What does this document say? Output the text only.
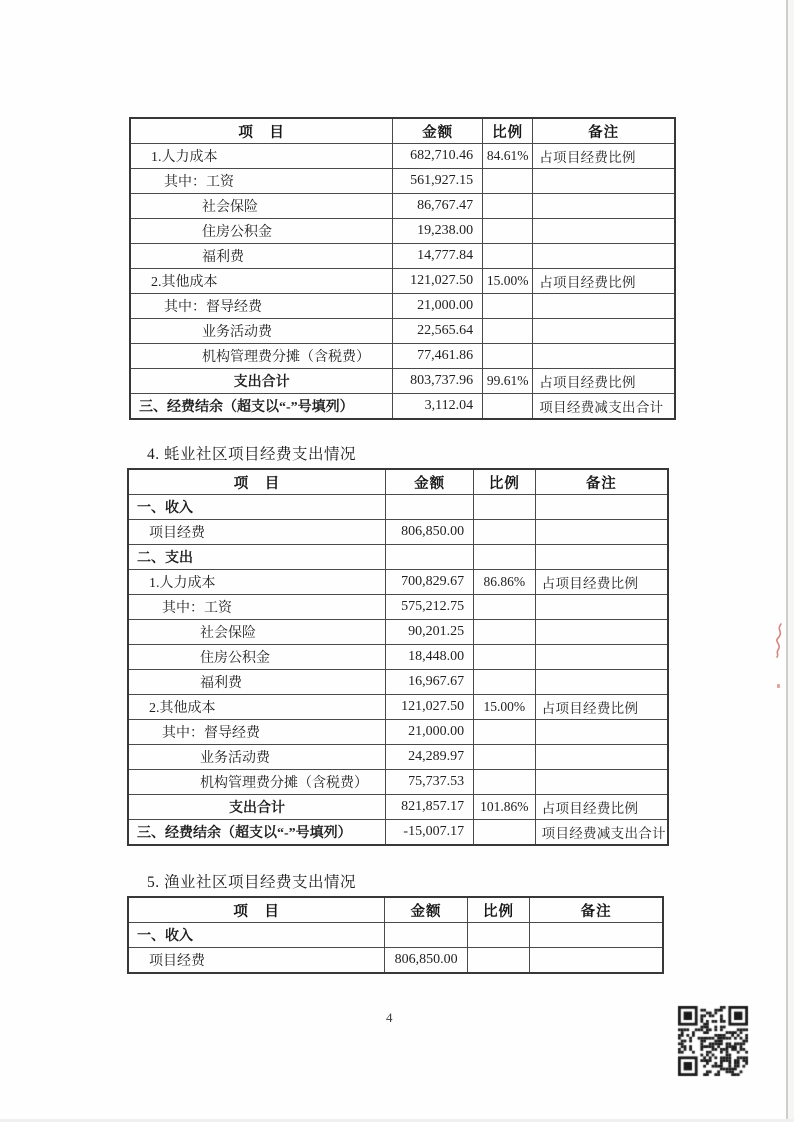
项　目	金额	比例	备注
1.人力成本	682,710.46	84.61%	占项目经费比例
其中：工资	561,927.15		
社会保险	86,767.47		
住房公积金	19,238.00		
福利费	14,777.84		
2.其他成本	121,027.50	15.00%	占项目经费比例
其中：督导经费	21,000.00		
业务活动费	22,565.64		
机构管理费分摊（含税费）	77,461.86		
支出合计	803,737.96	99.61%	占项目经费比例
三、经费结余（超支以“-”号填列）	3,112.04		项目经费减支出合计
4. 蚝业社区项目经费支出情况
项　目	金额	比例	备注
一、收入			
项目经费	806,850.00		
二、支出			
1.人力成本	700,829.67	86.86%	占项目经费比例
其中：工资	575,212.75		
社会保险	90,201.25		
住房公积金	18,448.00		
福利费	16,967.67		
2.其他成本	121,027.50	15.00%	占项目经费比例
其中：督导经费	21,000.00		
业务活动费	24,289.97		
机构管理费分摊（含税费）	75,737.53		
支出合计	821,857.17	101.86%	占项目经费比例
三、经费结余（超支以“-”号填列）	-15,007.17		项目经费减支出合计
5. 渔业社区项目经费支出情况
项　目	金额	比例	备注
一、收入			
项目经费	806,850.00		
4
